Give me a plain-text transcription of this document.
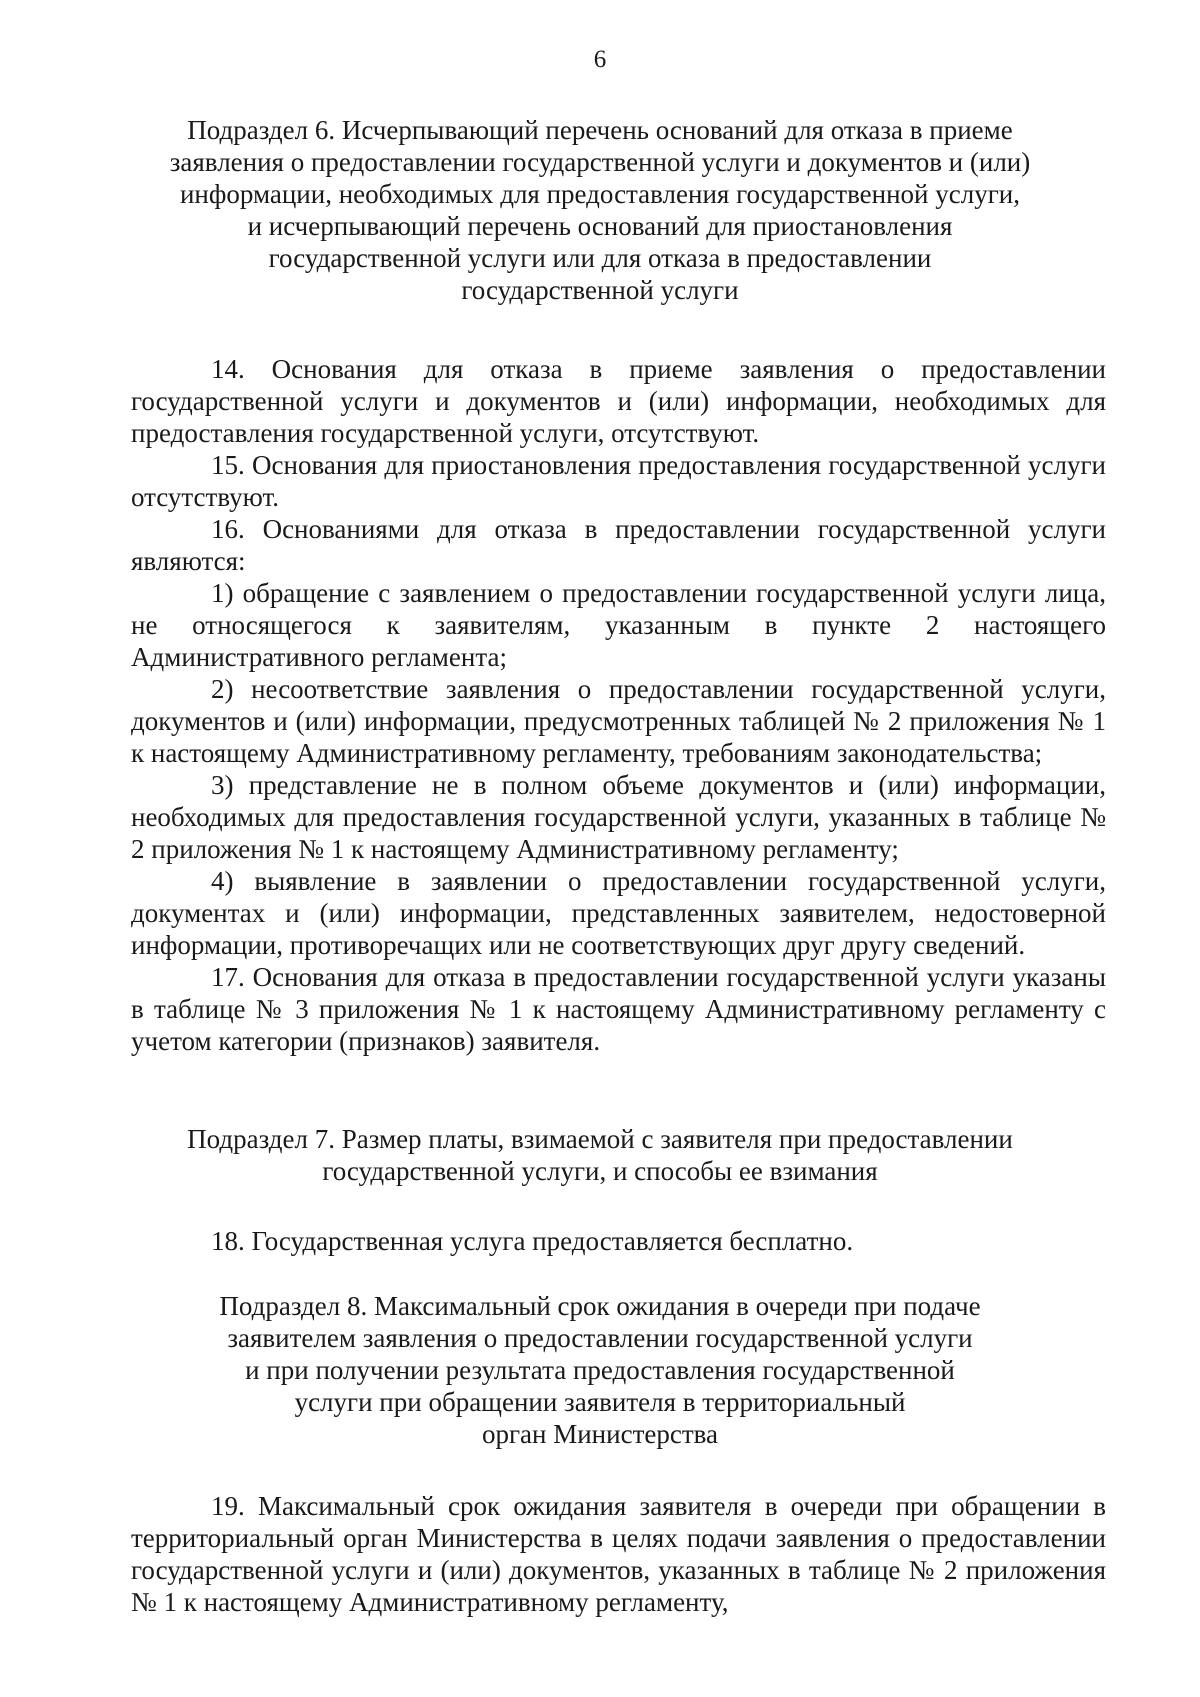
6
Подраздел 6. Исчерпывающий перечень оснований для отказа в приеме
заявления о предоставлении государственной услуги и документов и (или)
информации, необходимых для предоставления государственной услуги,
и исчерпывающий перечень оснований для приостановления
государственной услуги или для отказа в предоставлении
государственной услуги

14. Основания для отказа в приеме заявления о предоставлении государственной услуги и документов и (или) информации, необходимых для предоставления государственной услуги, отсутствуют.

15. Основания для приостановления предоставления государственной услуги отсутствуют.

16. Основаниями для отказа в предоставлении государственной услуги являются:

1) обращение с заявлением о предоставлении государственной услуги лица, не относящегося к заявителям, указанным в пункте 2 настоящего Административного регламента;

2) несоответствие заявления о предоставлении государственной услуги, документов и (или) информации, предусмотренных таблицей № 2 приложения № 1 к настоящему Административному регламенту, требованиям законодательства;

3) представление не в полном объеме документов и (или) информации, необходимых для предоставления государственной услуги, указанных в таблице № 2 приложения № 1 к настоящему Административному регламенту;

4) выявление в заявлении о предоставлении государственной услуги, документах и (или) информации, представленных заявителем, недостоверной информации, противоречащих или не соответствующих друг другу сведений.

17. Основания для отказа в предоставлении государственной услуги указаны в таблице № 3 приложения № 1 к настоящему Административному регламенту с учетом категории (признаков) заявителя.

Подраздел 7. Размер платы, взимаемой с заявителя при предоставлении
государственной услуги, и способы ее взимания

18. Государственная услуга предоставляется бесплатно.

Подраздел 8. Максимальный срок ожидания в очереди при подаче
заявителем заявления о предоставлении государственной услуги
и при получении результата предоставления государственной
услуги при обращении заявителя в территориальный
орган Министерства

19. Максимальный срок ожидания заявителя в очереди при обращении в территориальный орган Министерства в целях подачи заявления о предоставлении государственной услуги и (или) документов, указанных в таблице № 2 приложения № 1 к настоящему Административному регламенту,
